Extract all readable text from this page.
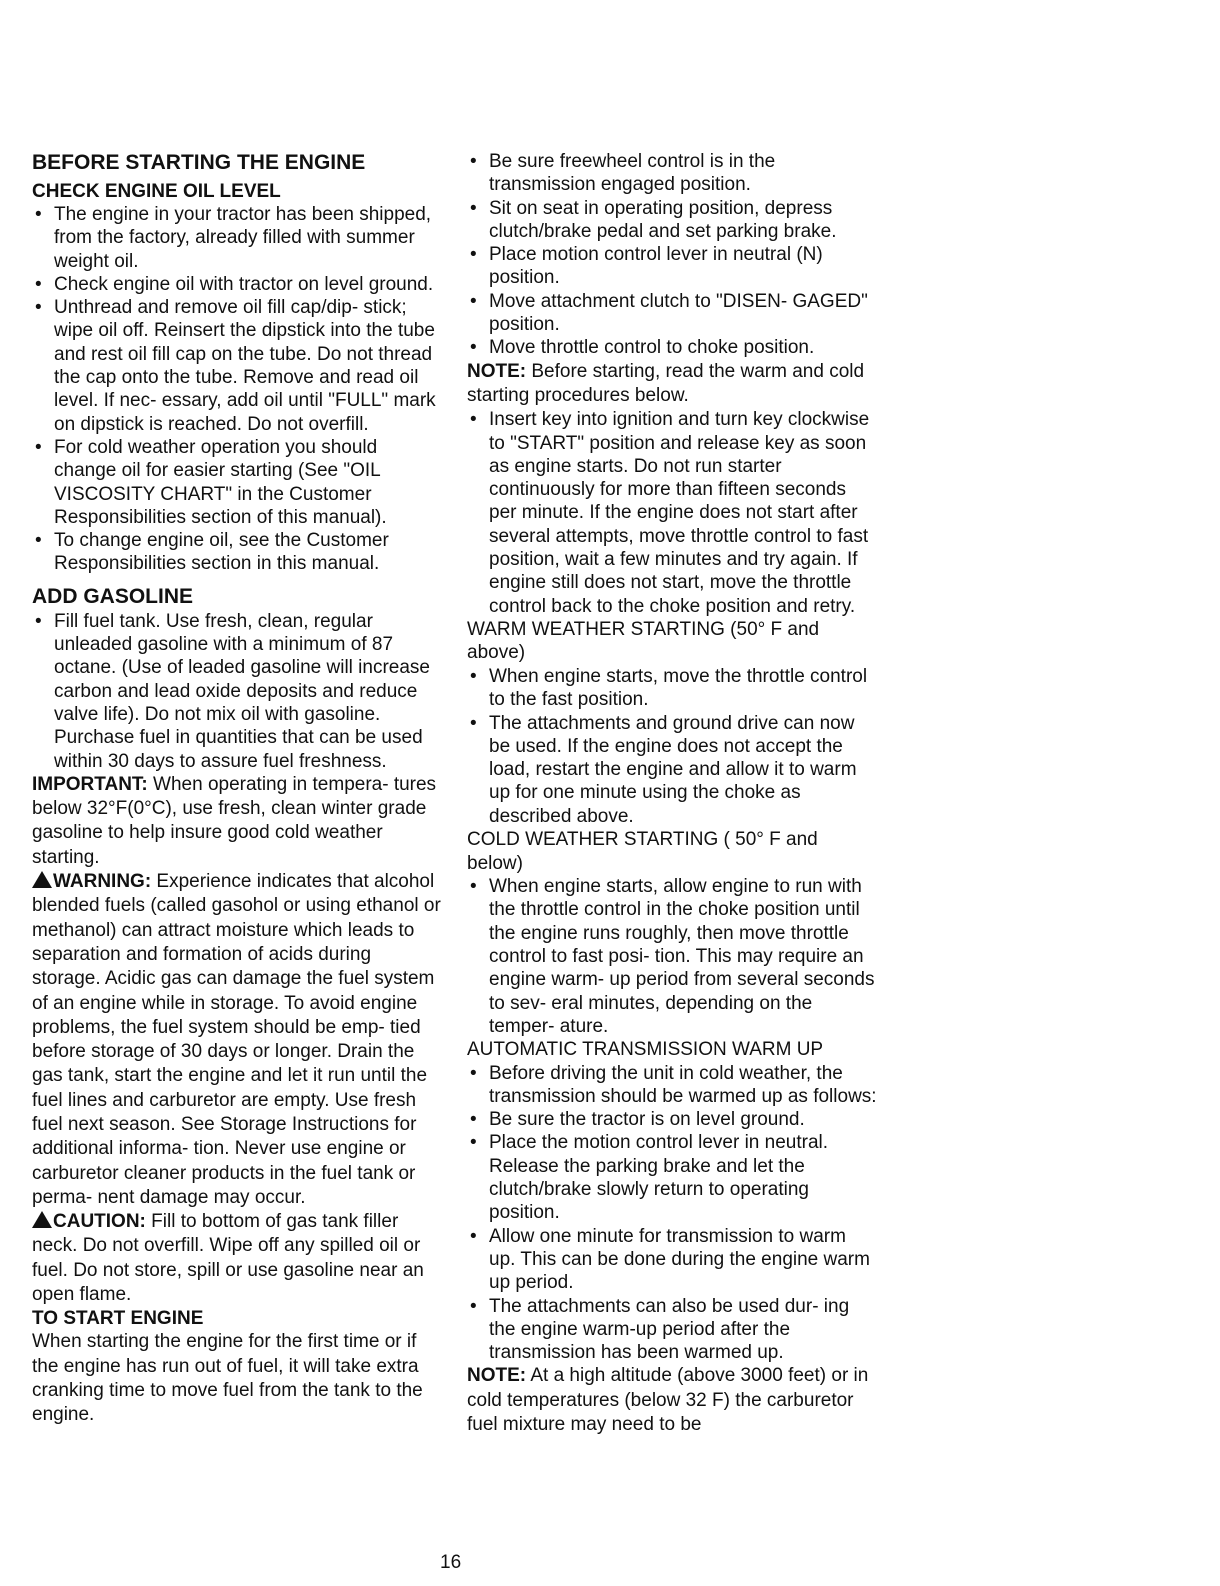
BEFORE STARTING THE ENGINE
CHECK ENGINE OIL LEVEL
• The engine in your tractor has been shipped, from the factory, already filled with summer weight oil.
• Check engine oil with tractor on level ground.
• Unthread and remove oil fill cap/dip- stick; wipe oil off. Reinsert the dipstick into the tube and rest oil fill cap on the tube. Do not thread the cap onto the tube. Remove and read oil level. If nec- essary, add oil until "FULL" mark on dipstick is reached. Do not overfill.
• For cold weather operation you should change oil for easier starting (See "OIL VISCOSITY CHART" in the Customer Responsibilities section of this manual).
• To change engine oil, see the Customer Responsibilities section in this manual.
ADD GASOLINE
• Fill fuel tank. Use fresh, clean, regular unleaded gasoline with a minimum of 87 octane. (Use of leaded gasoline will increase carbon and lead oxide deposits and reduce valve life). Do not mix oil with gasoline. Purchase fuel in quantities that can be used within 30 days to assure fuel freshness.

IMPORTANT: When operating in tempera- tures below 32°F(0°C), use fresh, clean winter grade gasoline to help insure good cold weather starting.

WARNING: Experience indicates that alcohol blended fuels (called gasohol or using ethanol or methanol) can attract moisture which leads to separation and formation of acids during storage. Acidic gas can damage the fuel system of an engine while in storage. To avoid engine problems, the fuel system should be emp- tied before storage of 30 days or longer. Drain the gas tank, start the engine and let it run until the fuel lines and carburetor are empty. Use fresh fuel next season. See Storage Instructions for additional informa- tion. Never use engine or carburetor cleaner products in the fuel tank or perma- nent damage may occur.

CAUTION: Fill to bottom of gas tank filler neck. Do not overfill. Wipe off any spilled oil or fuel. Do not store, spill or use gasoline near an open flame.

TO START ENGINE

When starting the engine for the first time or if the engine has run out of fuel, it will take extra cranking time to move fuel from the tank to the engine.

• Be sure freewheel control is in the transmission engaged position.
• Sit on seat in operating position, depress clutch/brake pedal and set parking brake.
• Place motion control lever in neutral (N) position.
• Move attachment clutch to "DISEN- GAGED" position.
• Move throttle control to choke position.

NOTE: Before starting, read the warm and cold starting procedures below.

• Insert key into ignition and turn key clockwise to "START" position and release key as soon as engine starts. Do not run starter continuously for more than fifteen seconds per minute. If the engine does not start after several attempts, move throttle control to fast position, wait a few minutes and try again. If engine still does not start, move the throttle control back to the choke position and retry.

WARM WEATHER STARTING (50° F and above)

• When engine starts, move the throttle control to the fast position.
• The attachments and ground drive can now be used. If the engine does not accept the load, restart the engine and allow it to warm up for one minute using the choke as described above.

COLD WEATHER STARTING ( 50° F and below)

• When engine starts, allow engine to run with the throttle control in the choke position until the engine runs roughly, then move throttle control to fast posi- tion. This may require an engine warm- up period from several seconds to sev- eral minutes, depending on the temper- ature.

AUTOMATIC TRANSMISSION WARM UP

• Before driving the unit in cold weather, the transmission should be warmed up as follows:
• Be sure the tractor is on level ground.
• Place the motion control lever in neutral. Release the parking brake and let the clutch/brake slowly return to operating position.
• Allow one minute for transmission to warm up. This can be done during the engine warm up period.
• The attachments can also be used dur- ing the engine warm-up period after the transmission has been warmed up.

NOTE: At a high altitude (above 3000 feet) or in cold temperatures (below 32 F) the carburetor fuel mixture may need to be

16
